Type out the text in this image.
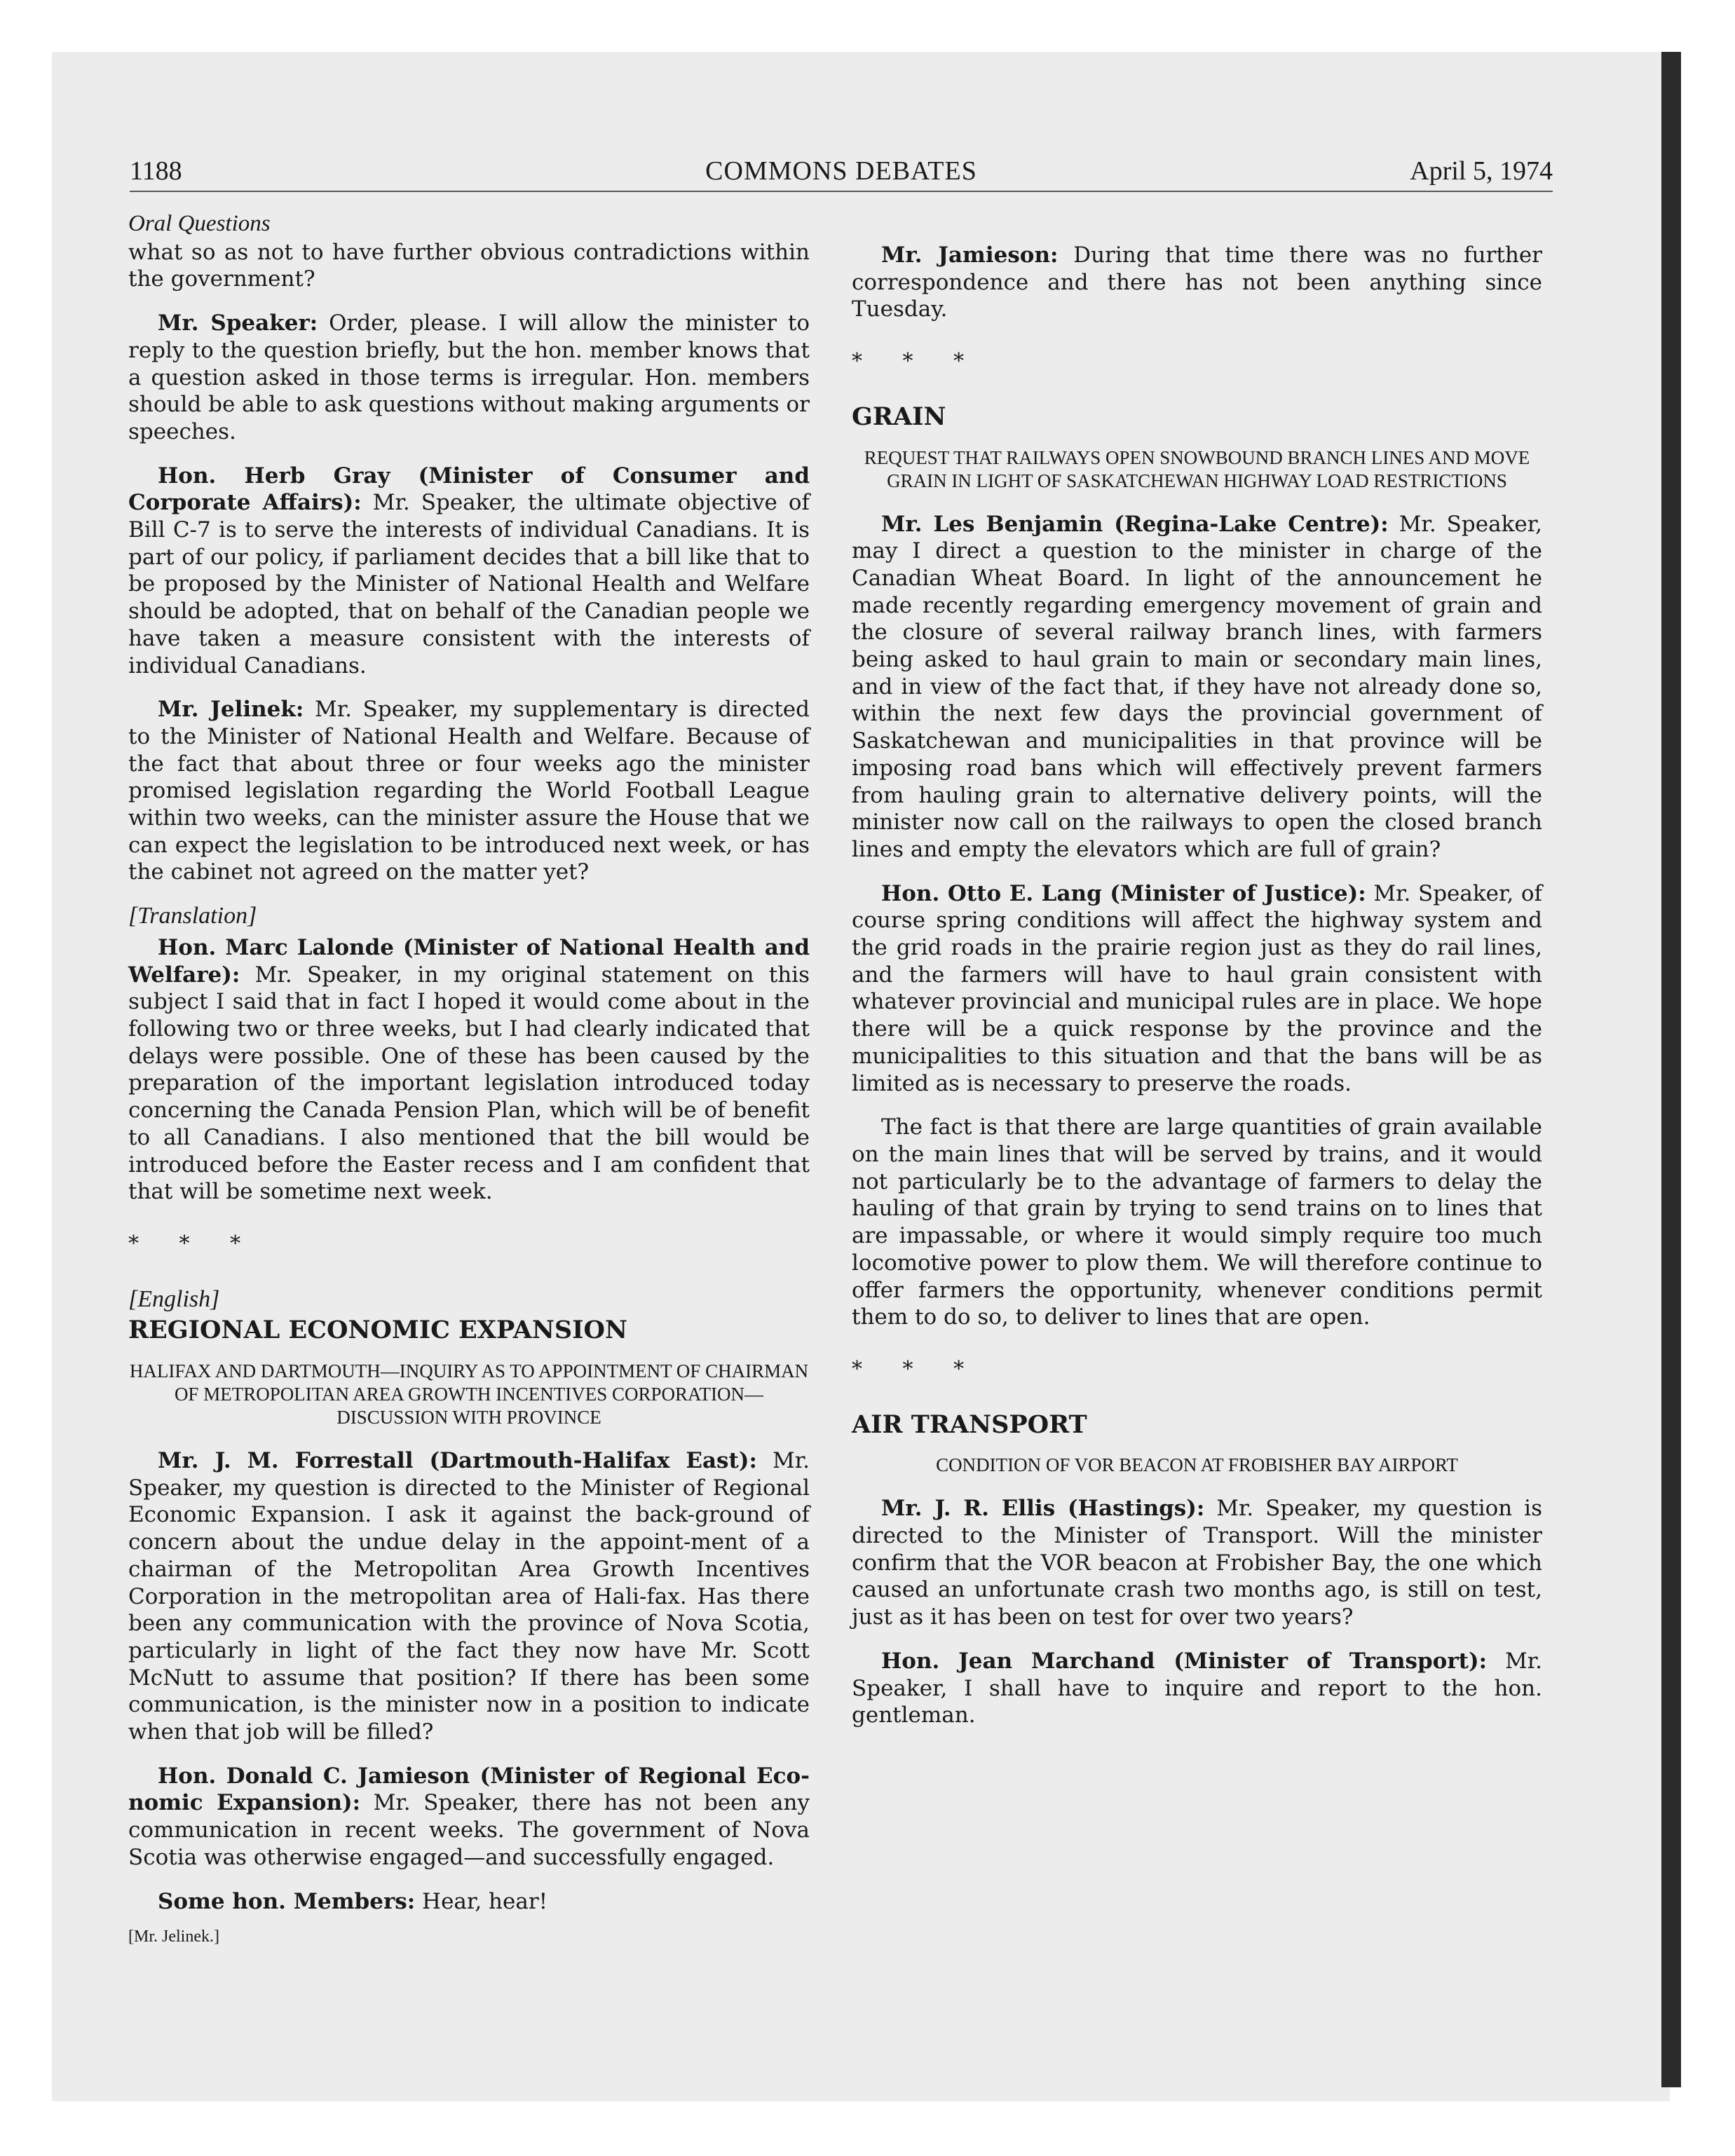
1188	COMMONS DEBATES	April 5, 1974

Oral Questions

what so as not to have further obvious contradictions within the government?

Mr. Speaker: Order, please. I will allow the minister to reply to the question briefly, but the hon. member knows that a question asked in those terms is irregular. Hon. members should be able to ask questions without making arguments or speeches.

Hon. Herb Gray (Minister of Consumer and Corporate Affairs): Mr. Speaker, the ultimate objective of Bill C-7 is to serve the interests of individual Canadians. It is part of our policy, if parliament decides that a bill like that to be proposed by the Minister of National Health and Welfare should be adopted, that on behalf of the Canadian people we have taken a measure consistent with the interests of individual Canadians.

Mr. Jelinek: Mr. Speaker, my supplementary is directed to the Minister of National Health and Welfare. Because of the fact that about three or four weeks ago the minister promised legislation regarding the World Football League within two weeks, can the minister assure the House that we can expect the legislation to be introduced next week, or has the cabinet not agreed on the matter yet?

[Translation]

Hon. Marc Lalonde (Minister of National Health and Welfare): Mr. Speaker, in my original statement on this subject I said that in fact I hoped it would come about in the following two or three weeks, but I had clearly indicated that delays were possible. One of these has been caused by the preparation of the important legislation introduced today concerning the Canada Pension Plan, which will be of benefit to all Canadians. I also mentioned that the bill would be introduced before the Easter recess and I am confident that that will be sometime next week.

* * *

[English]

REGIONAL ECONOMIC EXPANSION

HALIFAX AND DARTMOUTH—INQUIRY AS TO APPOINTMENT OF CHAIRMAN OF METROPOLITAN AREA GROWTH INCENTIVES CORPORATION—DISCUSSION WITH PROVINCE

Mr. J. M. Forrestall (Dartmouth-Halifax East): Mr. Speaker, my question is directed to the Minister of Regional Economic Expansion. I ask it against the back-ground of concern about the undue delay in the appoint-ment of a chairman of the Metropolitan Area Growth Incentives Corporation in the metropolitan area of Hali-fax. Has there been any communication with the province of Nova Scotia, particularly in light of the fact they now have Mr. Scott McNutt to assume that position? If there has been some communication, is the minister now in a position to indicate when that job will be filled?

Hon. Donald C. Jamieson (Minister of Regional Eco-nomic Expansion): Mr. Speaker, there has not been any communication in recent weeks. The government of Nova Scotia was otherwise engaged—and successfully engaged.

Some hon. Members: Hear, hear!

[Mr. Jelinek.]

Mr. Jamieson: During that time there was no further correspondence and there has not been anything since Tuesday.

* * *

GRAIN

REQUEST THAT RAILWAYS OPEN SNOWBOUND BRANCH LINES AND MOVE GRAIN IN LIGHT OF SASKATCHEWAN HIGHWAY LOAD RESTRICTIONS

Mr. Les Benjamin (Regina-Lake Centre): Mr. Speaker, may I direct a question to the minister in charge of the Canadian Wheat Board. In light of the announcement he made recently regarding emergency movement of grain and the closure of several railway branch lines, with farmers being asked to haul grain to main or secondary main lines, and in view of the fact that, if they have not already done so, within the next few days the provincial government of Saskatchewan and municipalities in that province will be imposing road bans which will effectively prevent farmers from hauling grain to alternative delivery points, will the minister now call on the railways to open the closed branch lines and empty the elevators which are full of grain?

Hon. Otto E. Lang (Minister of Justice): Mr. Speaker, of course spring conditions will affect the highway system and the grid roads in the prairie region just as they do rail lines, and the farmers will have to haul grain consistent with whatever provincial and municipal rules are in place. We hope there will be a quick response by the province and the municipalities to this situation and that the bans will be as limited as is necessary to preserve the roads.

The fact is that there are large quantities of grain available on the main lines that will be served by trains, and it would not particularly be to the advantage of farmers to delay the hauling of that grain by trying to send trains on to lines that are impassable, or where it would simply require too much locomotive power to plow them. We will therefore continue to offer farmers the opportunity, whenever conditions permit them to do so, to deliver to lines that are open.

* * *

AIR TRANSPORT

CONDITION OF VOR BEACON AT FROBISHER BAY AIRPORT

Mr. J. R. Ellis (Hastings): Mr. Speaker, my question is directed to the Minister of Transport. Will the minister confirm that the VOR beacon at Frobisher Bay, the one which caused an unfortunate crash two months ago, is still on test, just as it has been on test for over two years?

Hon. Jean Marchand (Minister of Transport): Mr. Speaker, I shall have to inquire and report to the hon. gentleman.
